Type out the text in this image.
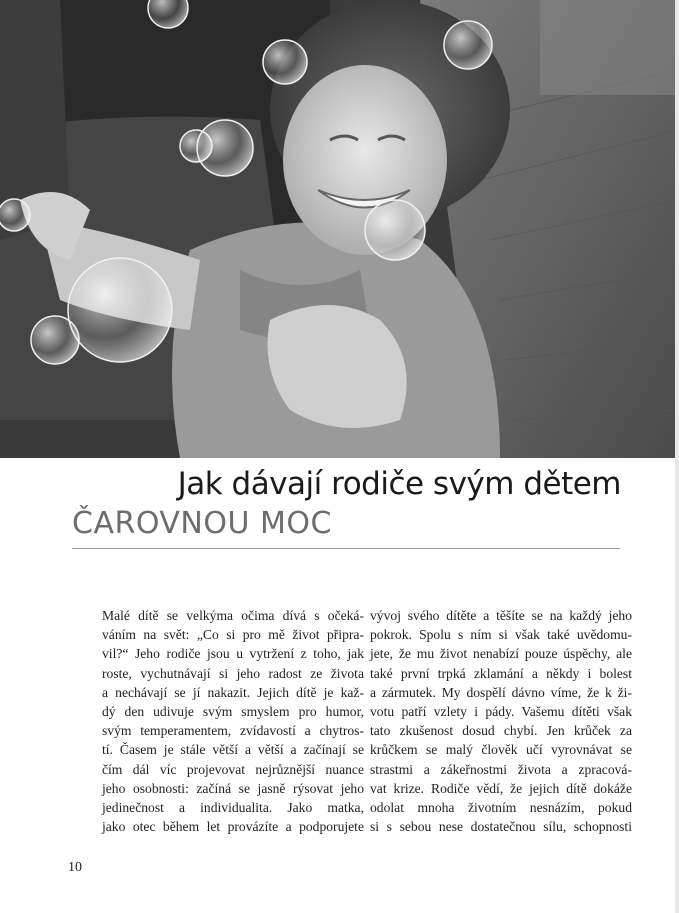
Jak dávají rodiče svým dětem
ČAROVNOU MOC

Malé dítě se velkýma očima dívá s očeká-
váním na svět: „Co si pro mě život připra-
vil?“ Jeho rodiče jsou u vytržení z toho, jak
roste, vychutnávají si jeho radost ze života
a nechávají se jí nakazit. Jejich dítě je kaž-
dý den udivuje svým smyslem pro humor,
svým temperamentem, zvídavostí a chytros-
tí. Časem je stále větší a větší a začínají se
čím dál víc projevovat nejrůznější nuance
jeho osobnosti: začíná se jasně rýsovat jeho
jedinečnost a individualita. Jako matka,
jako otec během let provázíte a podporujete

vývoj svého dítěte a těšíte se na každý jeho
pokrok. Spolu s ním si však také uvědomu-
jete, že mu život nenabízí pouze úspěchy, ale
také první trpká zklamání a někdy i bolest
a zármutek. My dospělí dávno víme, že k ži-
votu patří vzlety i pády. Vašemu dítěti však
tato zkušenost dosud chybí. Jen krůček za
krůčkem se malý člověk učí vyrovnávat se
strastmi a zákeřnostmi života a zpracová-
vat krize. Rodiče vědí, že jejich dítě dokáže
odolat mnoha životním nesnázím, pokud
si s sebou nese dostatečnou sílu, schopnosti

10
